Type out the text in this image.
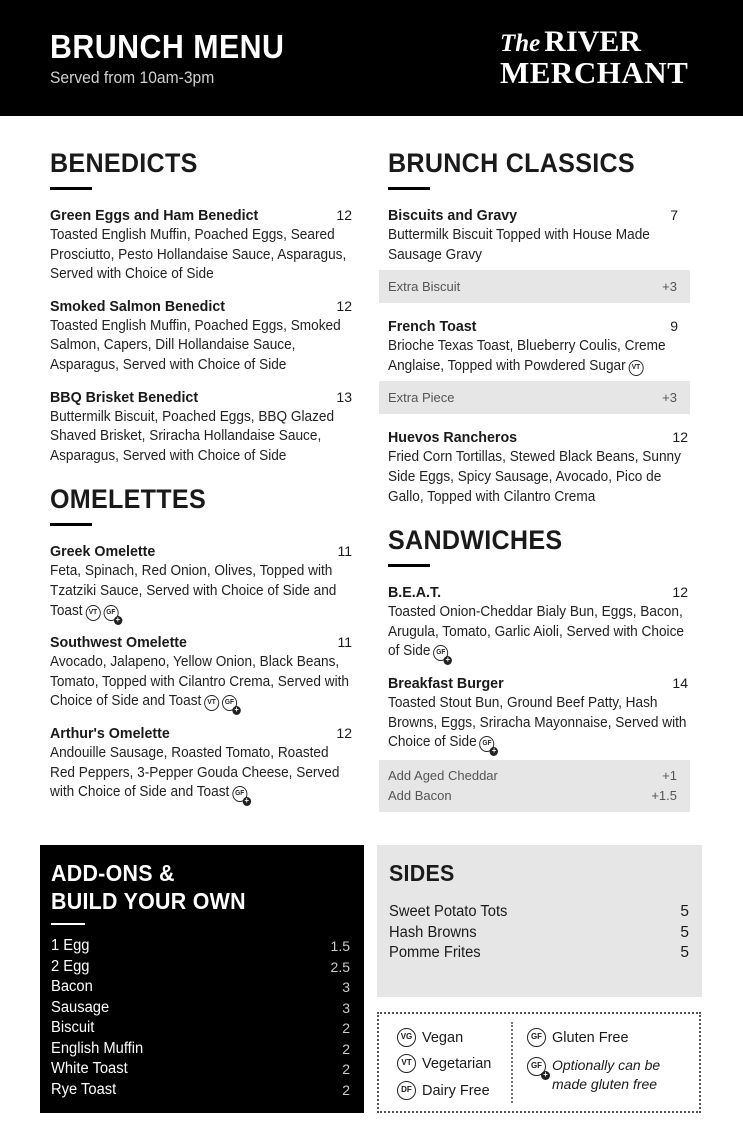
BRUNCH MENU
Served from 10am-3pm
The RIVER
MERCHANT
BENEDICTS
Green Eggs and Ham Benedict	12
Toasted English Muffin, Poached Eggs, Seared Prosciutto, Pesto Hollandaise Sauce, Asparagus, Served with Choice of Side
Smoked Salmon Benedict	12
Toasted English Muffin, Poached Eggs, Smoked Salmon, Capers, Dill Hollandaise Sauce, Asparagus, Served with Choice of Side
BBQ Brisket Benedict	13
Buttermilk Biscuit, Poached Eggs, BBQ Glazed Shaved Brisket, Sriracha Hollandaise Sauce, Asparagus, Served with Choice of Side
OMELETTES
Greek Omelette	11
Feta, Spinach, Red Onion, Olives, Topped with Tzatziki Sauce, Served with Choice of Side and Toast VT GF
+
Southwest Omelette	11
Avocado, Jalapeno, Yellow Onion, Black Beans, Tomato, Topped with Cilantro Crema, Served with Choice of Side and Toast VT GF
+
Arthur's Omelette	12
Andouille Sausage, Roasted Tomato, Roasted Red Peppers, 3-Pepper Gouda Cheese, Served with Choice of Side and Toast GF
+
BRUNCH CLASSICS
Biscuits and Gravy	7
Buttermilk Biscuit Topped with House Made Sausage Gravy
Extra Biscuit	+3
French Toast	9
Brioche Texas Toast, Blueberry Coulis, Creme Anglaise, Topped with Powdered Sugar VT
Extra Piece	+3
Huevos Rancheros	12
Fried Corn Tortillas, Stewed Black Beans, Sunny Side Eggs, Spicy Sausage, Avocado, Pico de Gallo, Topped with Cilantro Crema
SANDWICHES
B.E.A.T.	12
Toasted Onion-Cheddar Bialy Bun, Eggs, Bacon, Arugula, Tomato, Garlic Aioli, Served with Choice of Side GF
+
Breakfast Burger	14
Toasted Stout Bun, Ground Beef Patty, Hash Browns, Eggs, Sriracha Mayonnaise, Served with Choice of Side GF
+
Add Aged Cheddar	+1
Add Bacon	+1.5
ADD-ONS &
BUILD YOUR OWN
1 Egg	1.5
2 Egg	2.5
Bacon	3
Sausage	3
Biscuit	2
English Muffin	2
White Toast	2
Rye Toast	2
SIDES
Sweet Potato Tots	5
Hash Browns	5
Pomme Frites	5
VG Vegan
VT Vegetarian
DF Dairy Free
GF Gluten Free
GF
+ Optionally can be
made gluten free
